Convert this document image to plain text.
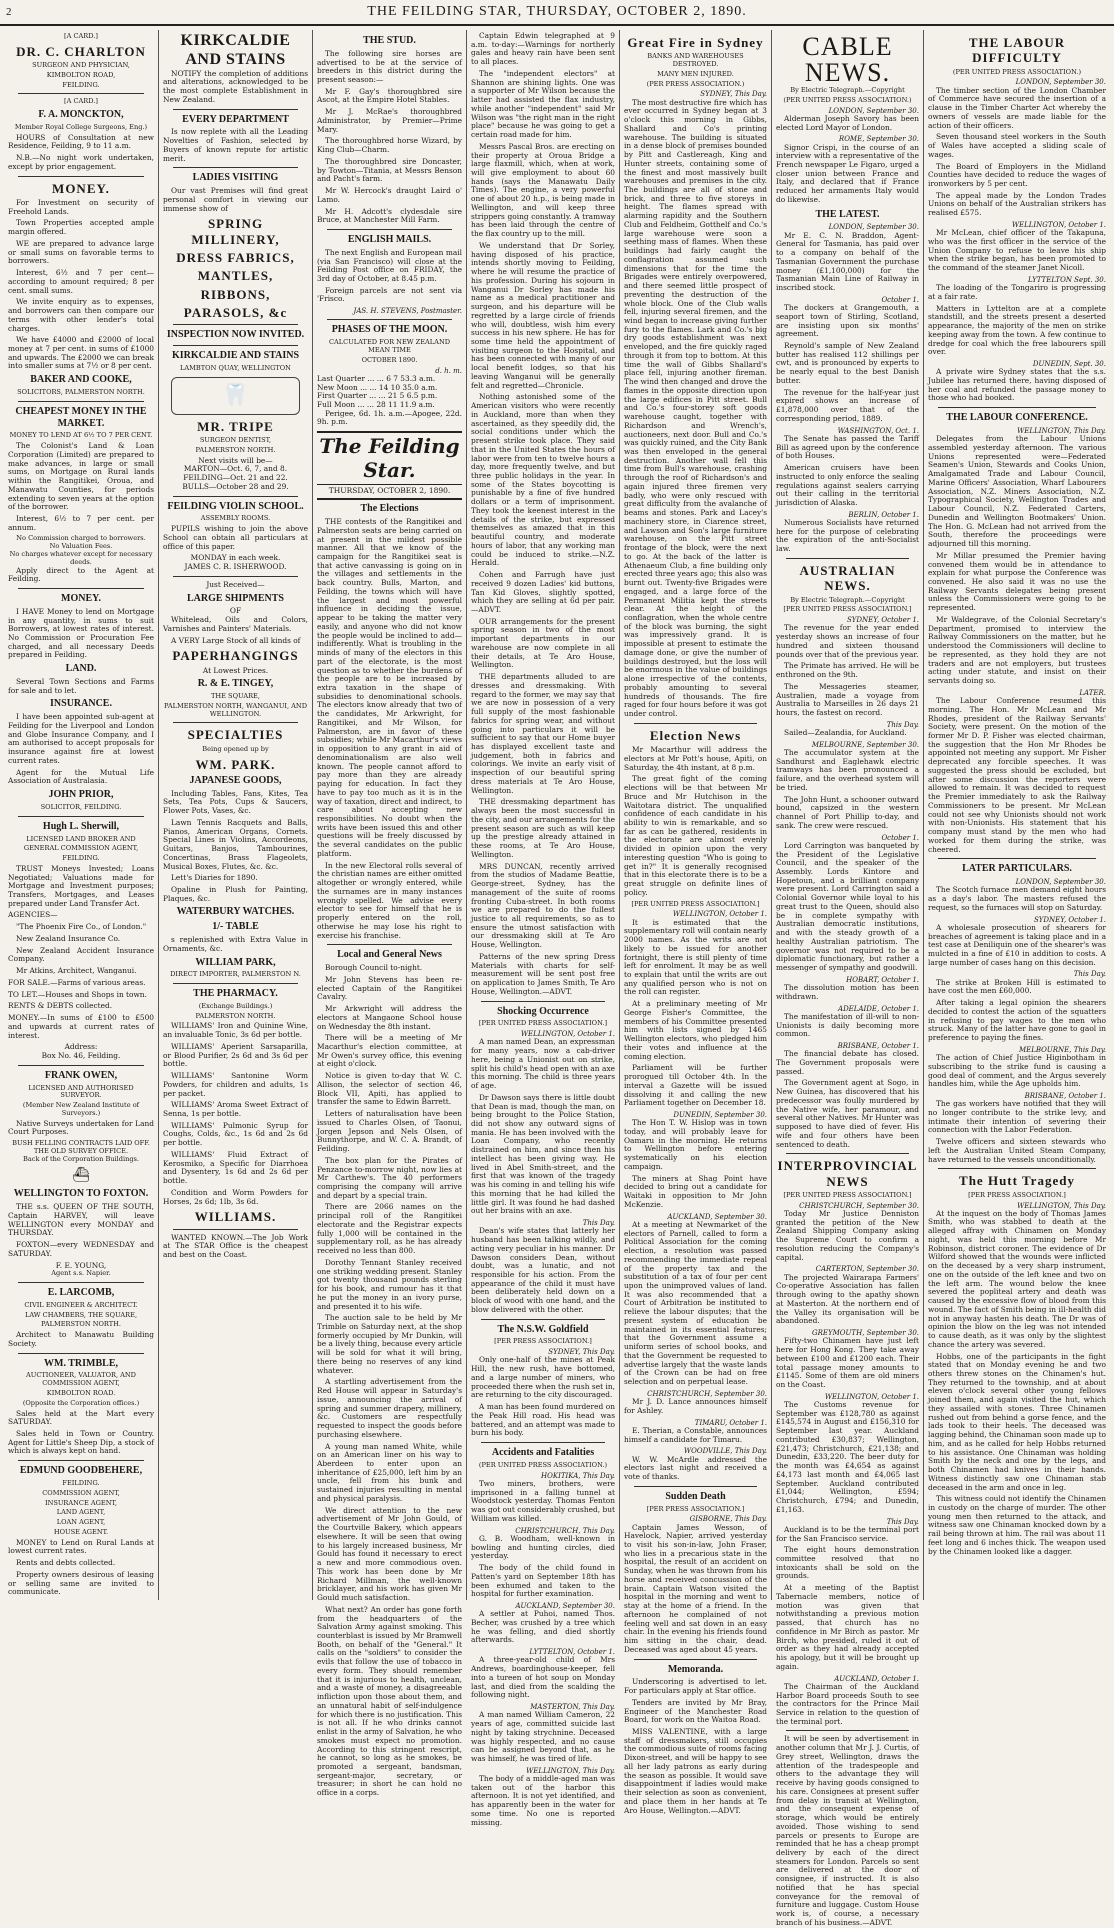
2	THE FEILDING STAR, THURSDAY, OCTOBER 2, 1890.
[A CARD.]
DR. C. CHARLTON
SURGEON AND PHYSICIAN,
KIMBOLTON ROAD,
FEILDING.
[A CARD.]
F. A. MONCKTON,
Member Royal College Surgeons, Eng.)

HOURS of Consultation at new Residence, Feilding, 9 to 11 a.m.

N.B.—No night work undertaken, except by prior engagement.

MONEY.

For Investment on security of Freehold Lands.

Town Properties accepted ample margin offered.

WE are prepared to advance large or small sums on favorable terms to borrowers.

Interest, 6½ and 7 per cent—according to amount required; 8 per cent. small sums.

We invite enquiry as to expenses, and borrowers can then compare our terms with other lender's total charges.

We have £4000 and £2000 of local money at 7 per cent. in sums of £1000 and upwards. The £2000 we can break into smaller sums at 7½ or 8 per cent.

BAKER AND COOKE,
SOLICITORS, PALMERSTON NORTH.
CHEAPEST MONEY IN THE MARKET.
MONEY TO LEND AT 6½ TO 7 PER CENT.

The Colonist's Land & Loan Corporation (Limited) are prepared to make advances, in large or small sums, on Mortgage on Rural lands within the Rangitikei, Oroua, and Manawatu Counties, for periods extending to seven years at the option of the borrower.

Interest, 6½ to 7 per cent. per annum.

No Commission charged to borrowers.
No Valuation Fees.
No charges whatever except for necessary deeds.

Apply direct to the Agent at Feilding.

MONEY.

I HAVE Money to lend on Mortgage in any quantity, in sums to suit Borrowers, at lowest rates of interest. No Commission or Procuration Fee charged, and all necessary Deeds prepared in Feilding.

LAND.

Several Town Sections and Farms for sale and to let.

INSURANCE.

I have been appointed sub-agent at Feilding for the Liverpool and London and Globe Insurance Company, and I am authorised to accept proposals for insurance against fire at lowest current rates.

Agent for the Mutual Life Association of Australasia.

JOHN PRIOR,
SOLICITOR, FEILDING.
Hugh L. Sherwill,
LICENSED LAND BROKER AND
GENERAL COMMISSION AGENT,
FEILDING.

TRUST Moneys Invested; Loans Negotiated; Valuations made for Mortgage and Investment purposes; Transfers, Mortgages, and Leases prepared under Land Transfer Act.

AGENCIES—

"The Phoenix Fire Co., of London."

New Zealand Insurance Co.

New Zealand Accident Insurance Company.

Mr Atkins, Architect, Wanganui.

FOR SALE.—Farms of various areas.

TO LET.—Houses and Shops in town.

RENTS & DEBTS collected.

MONEY.—In sums of £100 to £500 and upwards at current rates of interest.

Address:
Box No. 46, Feilding.
FRANK OWEN,
LICENSED AND AUTHORISED SURVEYOR.
(Member New Zealand Institute of Surveyors.)

Native Surveys undertaken for Land Court Purposes.

BUSH FELLING CONTRACTS LAID OFF.
THE OLD SURVEY OFFICE.
Back of the Corporation Buildings.
⛴
WELLINGTON TO FOXTON.

THE s.s. QUEEN OF THE SOUTH, Captain HARVEY, will leave WELLINGTON every MONDAY and THURSDAY.

FOXTON—every WEDNESDAY and SATURDAY.

F. E. YOUNG,
Agent s.s. Napier.
E. LARCOMB,
CIVIL ENGINEER & ARCHITECT.
LAW CHAMBERS, THE SQUARE,
PALMERSTON NORTH.

Architect to Manawatu Building Society.

WM. TRIMBLE,
AUCTIONEER, VALUATOR, AND COMMISSION AGENT,
KIMBOLTON ROAD.
(Opposite the Corporation offices.)

Sales held at the Mart every SATURDAY.

Sales held in Town or Country. Agent for Little's Sheep Dip, a stock of which is always kept on hand.

EDMUND GOODBEHERE,
FEILDING.
COMMISSION AGENT,
INSURANCE AGENT,
LAND AGENT,
LOAN AGENT,
HOUSE AGENT.

MONEY to Lend on Rural Lands at lowest current rates.

Rents and debts collected.

Property owners desirous of leasing or selling same are invited to communicate.

KIRKCALDIE AND STAINS

NOTIFY the completion of additions and alterations, acknowledged to be the most complete Establishment in New Zealand.

EVERY DEPARTMENT

Is now replete with all the Leading Novelties of Fashion, selected by Buyers of known repute for artistic merit.

LADIES VISITING

Our vast Premises will find great personal comfort in viewing our immense show of

SPRING MILLINERY,
DRESS FABRICS,
MANTLES,
RIBBONS,
PARASOLS, &c
INSPECTION NOW INVITED.
KIRKCALDIE AND STAINS
LAMBTON QUAY, WELLINGTON
🦷
MR. TRIPE
SURGEON DENTIST,
PALMERSTON NORTH.
Next visits will be—
MARTON—Oct. 6, 7, and 8.
FEILDING—Oct. 21 and 22.
BULLS—October 28 and 29.
FEILDING VIOLIN SCHOOL.
ASSEMBLY ROOMS.

PUPILS wishing to join the above School can obtain all particulars at office of this paper.

MONDAY in each week.
JAMES C. R. ISHERWOOD.
Just Received—
LARGE SHIPMENTS
OF

Whitelead, Oils and Colors, Varnishes and Painters' Materials.

A VERY Large Stock of all kinds of

PAPERHANGINGS
At Lowest Prices.
R. & E. TINGEY,
THE SQUARE,
PALMERSTON NORTH, WANGANUI, AND WELLINGTON.
SPECIALTIES
Being opened up by
WM. PARK.
JAPANESE GOODS,

Including Tables, Fans, Kites, Tea Sets, Tea Pots, Cups & Saucers, Flower Pots, Vases, &c.

Lawn Tennis Racquets and Balls, Pianos, American Organs, Cornets. Special Lines in Violins, Accordeons, Guitars, Banjos, Tambourines, Concertinas, Brass Flageolets, Musical Boxes, Flutes, &c. &c.

Lett's Diaries for 1890.

Opaline in Plush for Painting, Plaques, &c.

WATERBURY WATCHES.
1/- TABLE

s replenished with Extra Value in Ornaments, &c.

WILLIAM PARK,
DIRECT IMPORTER, PALMERSTON N.
THE PHARMACY.
(Exchange Buildings.)
PALMERSTON NORTH.

WILLIAMS' Iron and Quinine Wine, an invaluable Tonic, 3s 6d per bottle.

WILLIAMS' Aperient Sarsaparilla, or Blood Purifier, 2s 6d and 3s 6d per bottle.

WILLIAMS' Santonine Worm Powders, for children and adults, 1s per packet.

WILLIAMS' Aroma Sweet Extract of Senna, 1s per bottle.

WILLIAMS' Pulmonic Syrup for Coughs, Colds, &c., 1s 6d and 2s 6d per bottle.

WILLIAMS' Fluid Extract of Kerosmiko, a Specific for Diarrhoea and Dysentery, 1s 6d and 2s 6d per bottle.

Condition and Worm Powders for Horses, 2s 6d; 1lb, 3s 6d.

WILLIAMS.

WANTED KNOWN.—The Job Work at The STAR Office is the cheapest and best on the Coast.

THE STUD.

The following sire horses are advertised to be at the service of breeders in this district during the present season:—

Mr F. Gay's thoroughbred sire Ascot, at the Empire Hotel Stables.

Mr J. McRae's thoroughbred Administrator, by Premier—Prime Mary.

The thoroughbred horse Wizard, by King Club—Charm.

The thoroughbred sire Doncaster, by Towton—Titania, at Messrs Benson and Pacht's farm.

Mr W. Hercock's draught Laird o' Lamo.

Mr H. Adcott's clydesdale sire Bruce, at Manchester Mill Farm.

ENGLISH MAILS.

The next English and European mail (via San Francisco) will close at the Feilding Post office on FRIDAY, the 3rd day of October, at 8.45 p.m.

Foreign parcels are not sent via 'Frisco.

JAS. H. STEVENS, Postmaster.
PHASES OF THE MOON.
CALCULATED FOR NEW ZEALAND MEAN TIME
OCTOBER 1890.
d. h. m.
Last Quarter ... ... 6 7 53.3 a.m.
New Moon ... ... 14 10 35.0 a.m.
First Quarter ... ... 21 5 6.5 p.m.
Full Moon ... ... 28 11 11.9 a.m.

Perigee, 6d. 1h. a.m.—Apogee, 22d. 9h. p.m.

The Feilding Star.
THURSDAY, OCTOBER 2, 1890.
The Elections

THE contests of the Rangitikei and Palmerston seats are being carried on at present in the mildest possible manner. All that we know of the campaign for the Rangitikei seat is that active canvassing is going on in the villages and settlements in the back country. Bulls, Marton, and Feilding, the towns which will have the largest and most powerful influence in deciding the issue, appear to be taking the matter very easily, and anyone who did not know the people would be inclined to add—indifferently. What is troubling in the minds of many of the electors in this part of the electorate, is the most question as to whether the burdens of the people are to be increased by extra taxation in the shape of subsidies to denominational schools. The electors know already that two of the candidates, Mr Arkwright, for Rangitikei, and Mr Wilson, for Palmerston, are in favor of these subsidies; while Mr Macarthur's views in opposition to any grant in aid of denominationalism are also well known. The people cannot afford to pay more than they are already paying for education. In fact they have to pay too much as it is in the way of taxation, direct and indirect, to care about accepting new responsibilities. No doubt when the writs have been issued this and other questions will be freely discussed by the several candidates on the public platform.

In the new Electoral rolls several of the christian names are either omitted altogether or wrongly entered, while the surnames are in many instances wrongly spelled. We advise every elector to see for himself that he is properly entered on the roll, otherwise he may lose his right to exercise his franchise.

Local and General News

Borough Council to-night.

Mr John Stevens has been re-elected Captain of the Rangitikei Cavalry.

Mr Arkwright will address the electors at Mangaone School house on Wednesday the 8th instant.

There will be a meeting of Mr Macarthur's election committee, at Mr Owen's survey office, this evening at eight o'clock.

Notice is given to-day that W. C. Allison, the selector of section 46, Block VII, Apiti, has applied to transfer the same to Edwin Barrett.

Letters of naturalisation have been issued to Charles Olsen, of Taonui, Jorgen Jepson and Nels Olsen, of Bunnythorpe, and W. C. A. Brandt, of Feilding.

The box plan for the Pirates of Penzance to-morrow night, now lies at Mr Carthew's. The 40 performers comprising the company will arrive and depart by a special train.

There are 2066 names on the principal roll of the Rangitikei electorate and the Registrar expects fully 1,000 will be contained in the supplementary roll, as he has already received no less than 800.

Dorothy Tennant Stanley received one striking wedding present. Stanley got twenty thousand pounds sterling for his book, and rumour has it that he put the money in an ivory purse, and presented it to his wife.

The auction sale to be held by Mr Trimble on Saturday next, at the shop formerly occupied by Mr Dunkin, will be a lively thing, because every article will be sold for what it will bring, there being no reserves of any kind whatever.

A startling advertisement from the Red House will appear in Saturday's issue, announcing the arrival of spring and summer drapery, millinery, &c. Customers are respectfully requested to inspect the goods before purchasing elsewhere.

A young man named White, while on an American liner on his way to Aberdeen to enter upon an inheritance of £25,000, left him by an uncle, fell from his bunk and sustained injuries resulting in mental and physical paralysis.

We direct attention to the new advertisement of Mr John Gould, of the Courtville Bakery, which appears elsewhere. It will be seen that owing to his largely increased business, Mr Gould has found it necessary to erect a new and more commodious oven. This work has been done by Mr Richard Millman, the well-known bricklayer, and his work has given Mr Gould much satisfaction.

What next? An order has gone forth from the headquarters of the Salvation Army against smoking. This counterblast is issued by Mr Bramwell Booth, on behalf of the "General." It calls on the "soldiers" to consider the evils that follow the use of tobacco in every form. They should remember that it is injurious to health, unclean, and a waste of money, a disagreeable infliction upon those about them, and an unnatural habit of self-indulgence for which there is no justification. This is not all. If he who drinks cannot enlist in the army of Salvation, he who smokes must expect no promotion. According to this stringent rescript, he cannot, so long as he smokes, be promoted a sergeant, bandsman, sergeant-major, secretary, or treasurer; in short he can hold no office in a corps.

Captain Edwin telegraphed at 9 a.m. to-day:—Warnings for northerly gales and heavy rain have been sent to all places.

The "independent electors" at Shannon are shining lights. One was a supporter of Mr Wilson because the latter had assisted the flax industry, while another "independent" said Mr Wilson was "the right man in the right place" because he was going to get a certain road made for him.

Messrs Pascal Bros. are erecting on their property at Oroua Bridge a large flaxmill, which, when at work, will give employment to about 60 hands (says the Manawatu Daily Times). The engine, a very powerful one of about 20 h.p., is being made in Wellington, and will keep three strippers going constantly. A tramway has been laid through the centre of the flax country up to the mill.

We understand that Dr Sorley, having disposed of his practice, intends shortly moving to Feilding, where he will resume the practice of his profession. During his sojourn in Wanganui Dr Sorley has made his name as a medical practitioner and surgeon, and his departure will be regretted by a large circle of friends who will, doubtless, wish him every success in his new sphere. He has for some time held the appointment of visiting surgeon to the Hospital, and has been connected with many of our local benefit lodges, so that his leaving Wanganui will be generally felt and regretted—Chronicle.

Nothing astonished some of the American visitors who were recently in Auckland, more than when they ascertained, as they speedily did, the social conditions under which the present strike took place. They said that in the United States the hours of labor were from ten to twelve hours a day, more frequently twelve, and but three public holidays in the year. In some of the States boycotting is punishable by a fine of five hundred dollars or a term of imprisonment. They took the keenest interest in the details of the strike, but expressed themselves as amazed that in this beautiful country, and moderate hours of labor, that any working man could be induced to strike.—N.Z. Herald.

Cohen and Farrugh have just received 9 dozen Ladies' kid buttons, Tan Kid Gloves, slightly spotted, which they are selling at 6d per pair.—ADVT.

OUR arrangements for the present spring season in two of the most important departments in our warehouse are now complete in all their details, at Te Aro House, Wellington.

THE departments alluded to are dresses and dressmaking. With regard to the former, we may say that we are now in possession of a very full supply of the most fashionable fabrics for spring wear, and without going into particulars it will be sufficient to say that our Home buyer has displayed excellent taste and judgement, both in fabrics and colorings. We invite an early visit of inspection of our beautiful spring dress materials at Te Aro House, Wellington.

THE dressmaking department has always been the most successful in the city, and our arrangements for the present season are such as will keep up the prestige already attained in these rooms, at Te Aro House, Wellington.

MRS DUNCAN, recently arrived from the studios of Madame Beattie, George-street, Sydney, has the management of the suite of rooms fronting Cuba-street. In both rooms we are prepared to do the fullest justice to all requirements, so as to ensure the utmost satisfaction with our dressmaking skill at Te Aro House, Wellington.

Patterns of the new spring Dress Materials with charts for self-measurement will be sent post free on application to James Smith, Te Aro House, Wellington.—ADVT.

Shocking Occurrence
[PER UNITED PRESS ASSOCIATION.]
WELLINGTON, October 1.

A man named Dean, an expressman for many years, now a cab-driver here, being a Unionist out on strike, split his child's head open with an axe this morning. The child is three years of age.

Dr Dawson says there is little doubt that Dean is mad, though the man, on being brought to the Police Station, did not show any outward signs of mania. He has been involved with the Loan Company, who recently distrained on him, and since then his intellect has been giving way. He lived in Abel Smith-street, and the first that was known of the tragedy was his coming in and telling his wife this morning that he had killed the little girl. It was found he had dashed out her brains with an axe.

This Day.

Dean's wife states that latterly her husband has been talking wildly, and acting very peculiar in his manner. Dr Dawson considers Dean, without doubt, was a lunatic, and not responsible for his action. From the appearance of the child it must have been deliberately held down on a block of wood with one hand, and the blow delivered with the other.

The N.S.W. Goldfield
[PER PRESS ASSOCIATION.]
SYDNEY, This Day.

Only one-half of the mines at Peak Hill, the new rush, have bottomed, and a large number of miners, who proceeded there when the rush set in, are returning to the city discouraged.

A man has been found murdered on the Peak Hill road. His head was battered, and an attempt was made to burn his body.

Accidents and Fatalities
(PER UNITED PRESS ASSOCIATION.)
HOKITIKA, This Day.

Two miners, brothers, were imprisoned in a falling tunnel at Woodstock yesterday. Thomas Fenton was got out considerably crushed, but William was killed.

CHRISTCHURCH, This Day.

G. B. Woodham, well-known in bowling and hunting circles, died yesterday.

The body of the child found in Patten's yard on September 18th has been exhumed and taken to the hospital for further examination.

AUCKLAND, September 30.

A settler at Puhoi, named Thos. Becher, was crushed by a tree which he was felling, and died shortly afterwards.

LYTTELTON, October 1.

A three-year-old child of Mrs Andrews, boardinghouse-keeper, fell into a tureen of hot soup on Monday last, and died from the scalding the following night.

MASTERTON, This Day.

A man named William Cameron, 22 years of age, committed suicide last night by taking strychnine. Deceased was highly respected, and no cause can be assigned beyond that, as he was himself, he was tired of life.

WELLINGTON, This Day.

The body of a middle-aged man was taken out of the harbor this afternoon. It is not yet identified, and has apparently been in the water for some time. No one is reported missing.

Great Fire in Sydney
BANKS AND WAREHOUSES DESTROYED.
MANY MEN INJURED.
(PER PRESS ASSOCIATION.)
SYDNEY, This Day.

The most destructive fire which has ever occurred in Sydney began at 3 o'clock this morning in Gibbs, Shallard and Co's printing warehouse. The building is situated in a dense block of premises bounded by Pitt and Castlereagh, King and Hunter streets, containing some of the finest and most massively built warehouses and premises in the city. The buildings are all of stone and brick, and three to five storeys in height. The flames spread with alarming rapidity and the Southern Club and Feldheim, Gotthelf and Co.'s large warehouse were soon a seething mass of flames. When these buildings had fairly caught the conflagration assumed such dimensions that for the time the Brigades were entirely overpowered, and there seemed little prospect of preventing the destruction of the whole block. One of the Club walls fell, injuring several firemen, and the wind began to increase giving further fury to the flames. Lark and Co.'s big dry goods establishment was next enveloped, and the fire quickly raged through it from top to bottom. At this time the wall of Gibbs Shallard's place fell, injuring another fireman. The wind then changed and drove the flames in the opposite direction upon the large edifices in Pitt street. Bull and Co.'s four-storey soft goods warehouse caught, together with Richardson and Wrench's, auctioneers, next door. Bull and Co.'s was quickly ruined, and the City Bank was then enveloped in the general destruction. Another wall fell this time from Bull's warehouse, crashing through the roof of Richardson's and again injured three firemen very badly, who were only rescued with great difficulty from the avalanche of beams and stones. Park and Lacey's machinery store, in Ciarence street, and Lawson and Son's large furniture warehouse, on the Pitt street frontage of the block, were the next to go. At the back of the latter is Athenaeum Club, a fine building only erected three years ago; this also was burnt out. Twenty-five Brigades were engaged, and a large force of the Permanent Militia kept the streets clear. At the height of the conflagration, when the whole centre of the block was burning, the sight was impressively grand. It is impossible at present to estimate the damage done, or give the number of buildings destroyed, but the loss will be enormous in the value of buildings alone irrespective of the contents, probably amounting to several hundreds of thousands. The fire raged for four hours before it was got under control.

Election News

Mr Macarthur will address the electors at Mr Pott's house, Apiti, on Saturday, the 4th instant, at 8 p.m.

The great fight of the coming elections will be that between Mr Bruce and Mr Hutchison in the Waitotara district. The unqualified confidence of each candidate in his ability to win is remarkable, and so far as can be gathered, residents in the electorate are almost evenly divided in opinion upon the very interesting question "Who is going to get in?" It is generally recognised that in this electorate there is to be a great struggle on definite lines of policy.

[PER UNITED PRESS ASSOCIATION.]
WELLINGTON, October 1.

It is estimated that the supplementary roll will contain nearly 2000 names. As the writs are not likely to be issued for another fortnight, there is still plenty of time left for enrolment. It may be as well to explain that until the writs are out any qualified person who is not on the roll can register.

At a preliminary meeting of Mr George Fisher's Committee, the members of his Committee presented him with lists signed by 1465 Wellington electors, who pledged him their votes and influence at the coming election.

Parliament will be further prorogued till October 4th. In the interval a Gazette will be issued dissolving it and calling the new Parliament together on December 18.

DUNEDIN, September 30.

The Hon T. W. Hislop was in town today, and will probably leave for Oamaru in the morning. He returns to Wellington before entering systematically on his election campaign.

The miners at Shag Point have decided to bring out a candidate for Waitaki in opposition to Mr John McKenzie.

AUCKLAND, September 30.

At a meeting at Newmarket of the electors of Parnell, called to form a Political Association for the coming election, a resolution was passed recommending the immediate repeal of the property tax and the substitution of a tax of four per cent upon the unimproved values of land. It was also recommended that a Court of Arbitration be instituted to relieve the labour disputes; that the present system of education be maintained in its essential features; that the Government assume a uniform series of school books, and that the Government be requested to advertise largely that the waste lands of the Crown can be had on free selection and on perpetual lease.

CHRISTCHURCH, September 30.

Mr J. D. Lance announces himself for Ashley.

TIMARU, October 1.

E. Therian, a Constable, announces himself a candidate for Timaru.

WOODVILLE, This Day.

W. W. McArdle addressed the electors last night and received a vote of thanks.

Sudden Death
[PER PRESS ASSOCIATION.]
GISBORNE, This Day.

Captain James Wesson, of Havelock, Napier, arrived yesterday to visit his son-in-law, John Fraser, who lies in a precarious state in the hospital, the result of an accident on Sunday, when he was thrown from his horse and received concussion of the brain. Captain Watson visited the hospital in the morning and went to stay at the home of a friend. In the afternoon he complained of not feeling well and sat down in an easy chair. In the evening his friends found him sitting in the chair, dead. Deceased was aged about 45 years.

Memoranda.

Underscoring is advertised to let. For particulars apply at Star office.

Tenders are invited by Mr Bray, Engineer of the Manchester Road Board, for work on the Waitoa Road.

MISS VALENTINE, with a large staff of dressmakers, still occupies the commodious suite of rooms facing Dixon-street, and will be happy to see all her lady patrons as early during the season as possible. It would save disappointment if ladies would make their selection as soon as convenient, and place them in her hands at Te Aro House, Wellington.—ADVT.

CABLE NEWS.
By Electric Telegraph.—Copyright
(PER UNITED PRESS ASSOCIATION.)
LONDON, September 30.

Alderman Joseph Savory has been elected Lord Mayor of London.

ROME, September 30.

Signor Crispi, in the course of an interview with a representative of the French newspaper Le Figaro, urged a closer union between France and Italy, and declared that if France reduced her armaments Italy would do likewise.

THE LATEST.
LONDON, September 30.

Mr E. C. N. Braddon, Agent-General for Tasmania, has paid over to a company on behalf of the Tasmanian Government the purchase money (£1,100,000) for the Tasmanian Main Line of Railway in inscribed stock.

October 1.

The dockers at Grangemouth, a seaport town of Stirling, Scotland, are insisting upon six months' agreement.

Reynold's sample of New Zealand butter has realised 112 shillings per cwt, and is pronounced by experts to be nearly equal to the best Danish butter.

The revenue for the half-year just expired shows an increase of £1,878,000 over that of the corresponding period, 1889.

WASHINGTON, Oct. 1.

The Senate has passed the Tariff Bill as agreed upon by the conference of both Houses.

American cruisers have been instructed to only enforce the sealing regulations against sealers carrying out their calling in the territorial jurisdiction of Alaska.

BERLIN, October 1.

Numerous Socialists have returned here for the purpose of celebrating the expiration of the anti-Socialist law.

AUSTRALIAN NEWS.
By Electric Telegraph.—Copyright
[PER UNITED PRESS ASSOCIATION.]
SYDNEY, October 1.

The revenue for the year ended yesterday shows an increase of four hundred and sixteen thousand pounds over that of the previous year.

The Primate has arrived. He will be enthroned on the 9th.

The Messageries steamer, Australien, made a voyage from Australia to Marseilles in 26 days 21 hours, the fastest on record.

This Day.

Sailed—Zealandia, for Auckland.

MELBOURNE, September 30.

The accumulator system at the Sandhurst and Eaglehawk electric tramways has been pronounced a failure, and the overhead system will be tried.

The John Hunt, a schooner outward bound, capsized in the western channel of Port Phillip to-day, and sank. The crew were rescued.

October 1.

Lord Carrington was banqueted by the President of the Legislative Council, and the speaker of the Assembly. Lords Kintore and Hopetoun, and a brilliant company were present. Lord Carrington said a Colonial Governor while loyal to his great trust to the Queen, should also be in complete sympathy with Australian democratic institutions, and with the steady growth of a healthy Australian patriotism. The governor was not required to be a diplomatic functionary, but rather a messenger of sympathy and goodwill.

HOBART, October 1.

The dissolution motion has been withdrawn.

ADELAIDE, October 1.

The manifestation of ill-will to non-Unionists is daily becoming more common.

BRISBANE, October 1.

The financial debate has closed. The Government proposals were passed.

The Government agent at Sogo, in New Guinea, has discovered that his predecessor was foully murdered by the Native wife, her paramour, and several other Natives. Mr Hunter was supposed to have died of fever. His wife and four others have been sentenced to death.

INTERPROVINCIAL NEWS
[PER UNITED PRESS ASSOCIATION.]
CHRISTCHURCH, September 30.

Today Mr Justice Denniston granted the petition of the New Zealand Shipping Company asking the Supreme Court to confirm a resolution reducing the Company's capital.

CARTERTON, September 30.

The projected Wairarapa Farmers' Co-operative Association has fallen through owing to the apathy shown at Masterton. At the northern end of the Valley its organisation will be abandoned.

GREYMOUTH, September 30.

Fifty-two Chinamen have just left here for Hong Kong. They take away between £100 and £1200 each. Their total passage money amounts to £1145. Some of them are old miners on the Coast.

WELLINGTON, October 1.

The Customs revenue for September was £128,780 as against £145,574 in August and £156,310 for September last year. Auckland contributed £30,837; Wellington, £21,473; Christchurch, £21,138; and Dunedin, £33,220. The beer duty for the month was £4,654 as against £4,173 last month and £4,065 last September. Auckland contributed £1,044; Wellington, £594; Christchurch, £794; and Dunedin, £1,163.

This Day.

Auckland is to be the terminal port for the San Francisco service.

The eight hours demonstration committee resolved that no intoxicants shall be sold on the grounds.

At a meeting of the Baptist Tabernacle members, notice of motion was given that notwithstanding a previous motion passed, that church has no confidence in Mr Birch as pastor. Mr Birch, who presided, ruled it out of order as they had already accepted his apology, but it will be brought up again.

AUCKLAND, October 1.

The Chairman of the Auckland Harbor Board proceeds South to see the contractors for the Prince Mail Service in relation to the question of the terminal port.

It will be seen by advertisement in another column that Mr J. J. Curtis, of Grey street, Wellington, draws the attention of the tradespeople and others to the advantage they will receive by having goods consigned to his care. Consignees at present suffer from delay in transit at Wellington, and the consequent expense of storage, which would be entirely avoided. Those wishing to send parcels or presents to Europe are reminded that he has a cheap prompt delivery by each of the direct steamers for London. Parcels so sent are delivered at the door of consignee, if instructed. It is also notified that he has special conveyance for the removal of furniture and luggage. Custom House work is, of course, a necessary branch of his business.—ADVT.

THE LABOUR DIFFICULTY
(PER UNITED PRESS ASSOCIATION.)
LONDON, September 30.

The timber section of the London Chamber of Commerce have secured the insertion of a clause in the Timber Charter Act whereby the owners of vessels are made liable for the action of their officers.

Seven thousand steel workers in the South of Wales have accepted a sliding scale of wages.

The Board of Employers in the Midland Counties have decided to reduce the wages of ironworkers by 5 per cent.

The appeal made by the London Trades Unions on behalf of the Australian strikers has realised £575.

WELLINGTON, October 1.

Mr McLean, chief officer of the Takapuna, who was the first officer in the service of the Union Company to refuse to leave his ship when the strike began, has been promoted to the command of the steamer Janet Nicoll.

LYTTELTON Sept. 30.

The loading of the Tongariro is progressing at a fair rate.

Matters in Lyttelton are at a complete standstill, and the streets present a deserted appearance, the majority of the men on strike keeping away from the town. A few continue to dredge for coal which the free labourers spill over.

DUNEDIN, Sept. 30.

A private wire Sydney states that the s.s. Jubilee has returned there, having disposed of her coal and refunded the passage money to those who had booked.

THE LABOUR CONFERENCE.
WELLINGTON, This Day.

Delegates from the Labour Unions assembled yesterday afternoon. The various Unions represented were—Federated Seamen's Union, Stewards and Cooks Union, Amalgamated Trade and Labour Council, Marine Officers' Association, Wharf Labourers Association, N.Z. Miners Association, N.Z. Typographical Society, Wellington Trades and Labour Council, N.Z. Federated Carters, Dunedin and Wellington Bootmakers' Union. The Hon. G. McLean had not arrived from the South, therefore the proceedings were adjourned till this morning.

Mr Millar presumed the Premier having convened them would be in attendance to explain for what purpose the Conference was convened. He also said it was no use the Railway Servants delegates being present unless the Commissioners were going to be represented.

Mr Waldegrave, of the Colonial Secretary's Department, promised to interview the Railway Commissioners on the matter, but he understood the Commissioners will decline to be represented, as they hold they are not traders and are not employers, but trustees acting under statute, and insist on their servants doing so.

LATER.

The Labour Conference resumed this morning. The Hon. Mr McLean and Mr Rhodes, president of the Railway Servants' Society, were present. On the motion of the former Mr D. P. Fisher was elected chairman, the suggestion that the Hon Mr Rhodes be appointed not meeting any support. Mr Fisher deprecated any forcible speeches. It was suggested the press should be excluded, but after some discussion the reporters were allowed to remain. It was decided to request the Premier immediately to ask the Railway Commissioners to be present. Mr McLean could not see why Unionists should not work with non-Unionists. His statement that his company must stand by the men who had worked for them during the strike, was cheered.

LATER PARTICULARS.
LONDON, September 30.

The Scotch furnace men demand eight hours as a day's labor. The masters refused the request, so the furnaces will stop on Saturday.

SYDNEY, October 1.

A wholesale prosecution of shearers for breaches of agreement is taking place and in a test case at Deniliquin one of the shearer's was mulcted in a fine of £10 in addition to costs. A large number of cases hang on this decision.

This Day.

The strike at Broken Hill is estimated to have cost the men £60,000.

After taking a legal opinion the shearers decided to contest the action of the squatters in refusing to pay wages to the men who struck. Many of the latter have gone to gaol in preference to paying the fines.

MELBOURNE, This Day.

The action of Chief Justice Higinbotham in subscribing to the strike fund is causing a good deal of comment, and the Argus severely handles him, while the Age upholds him.

BRISBANE, October 1.

The gas workers have notified that they will no longer contribute to the strike levy, and intimate their intention of severing their connection with the Labor Federation.

Twelve officers and sixteen stewards who left the Australian United Steam Company, have returned to the vessels unconditionally.

The Hutt Tragedy
[PER PRESS ASSOCIATION.]
WELLINGTON, This Day.

At the inquest on the body of Thomas James Smith, who was stabbed to death at the alleged affray with Chinamen on Monday night, was held this morning before Mr Robinson, district coroner. The evidence of Dr Wilford showed that the wounds were inflicted on the deceased by a very sharp instrument, one on the outside of the left knee and two on the left arm. The wound below the knee severed the popliteal artery and death was caused by the excessive flow of blood from this wound. The fact of Smith being in ill-health did not in anyway hasten his death. The Dr was of opinion the blow on the leg was not intended to cause death, as it was only by the slightest chance the artery was severed.

Hobbs, one of the participants in the fight stated that on Monday evening he and two others threw stones on the Chinamen's hut. They returned to the township, and at about eleven o'clock several other young fellows joined them, and again visited the hut, which they assailed with stones. Three Chinamen rushed out from behind a gorse fence, and the lads took to their heels. The deceased was lagging behind, the Chinaman soon made up to him, and as he called for help Hobbs returned to his assistance. One Chinaman was holding Smith by the neck and one by the legs, and both Chinamen had knives in their hands. Witness distinctly saw one Chinaman stab deceased in the arm and once in leg.

This witness could not identify the Chinamen in custody on the charge of murder. The other young men then returned to the attack, and witness saw one Chinaman knocked down by a rail being thrown at him. The rail was about 11 feet long and 6 inches thick. The weapon used by the Chinamen looked like a dagger.
